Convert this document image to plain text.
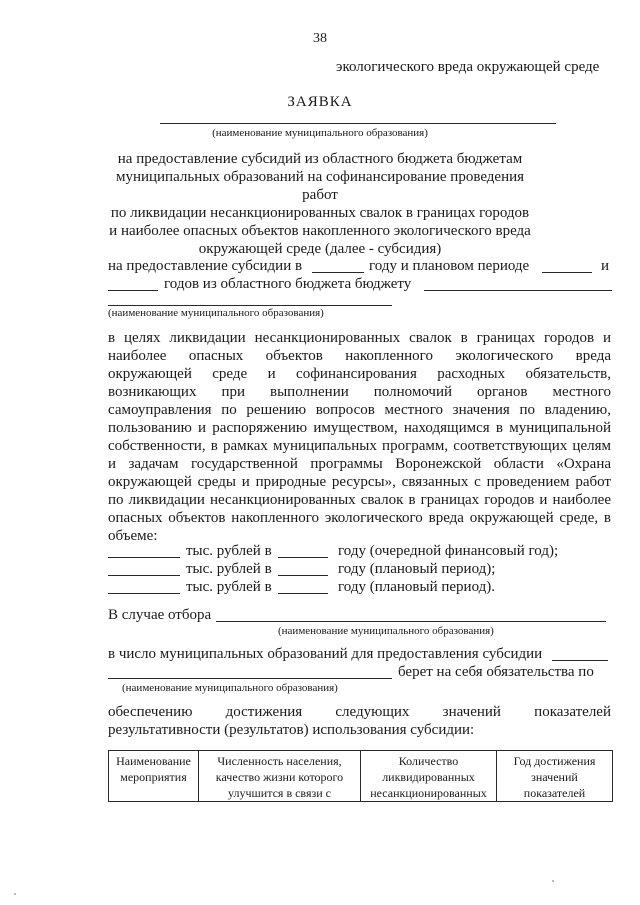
38
экологического вреда окружающей среде
ЗАЯВКА
(наименование муниципального образования)
на предоставление субсидий из областного бюджета бюджетам
муниципальных образований на софинансирование проведения работ
по ликвидации несанкционированных свалок в границах городов
и наиболее опасных объектов накопленного экологического вреда
окружающей среде (далее - субсидия)
на предоставление субсидии в	году и плановом периоде	и
годов из областного бюджета бюджету
(наименование муниципального образования)
в целях ликвидации несанкционированных свалок в границах городов и
наиболее опасных объектов накопленного экологического вреда
окружающей среде и софинансирования расходных обязательств,
возникающих при выполнении полномочий органов местного
самоуправления по решению вопросов местного значения по владению,
пользованию и распоряжению имуществом, находящимся в муниципальной
собственности, в рамках муниципальных программ, соответствующих целям
и задачам государственной программы Воронежской области «Охрана
окружающей среды и природные ресурсы», связанных с проведением работ
по ликвидации несанкционированных свалок в границах городов и наиболее
опасных объектов накопленного экологического вреда окружающей среде, в
объеме:
тыс. рублей в	году (очередной финансовый год);
тыс. рублей в	году (плановый период);
тыс. рублей в	году (плановый период).
В случае отбора
(наименование муниципального образования)
в число муниципальных образований для предоставления субсидии
берет на себя обязательства по
(наименование муниципального образования)
обеспечению достижения следующих значений показателей
результативности (результатов) использования субсидии:
Наименование мероприятия	Численность населения, качество жизни которого улучшится в связи с	Количество ликвидированных несанкционированных	Год достижения значений показателей
